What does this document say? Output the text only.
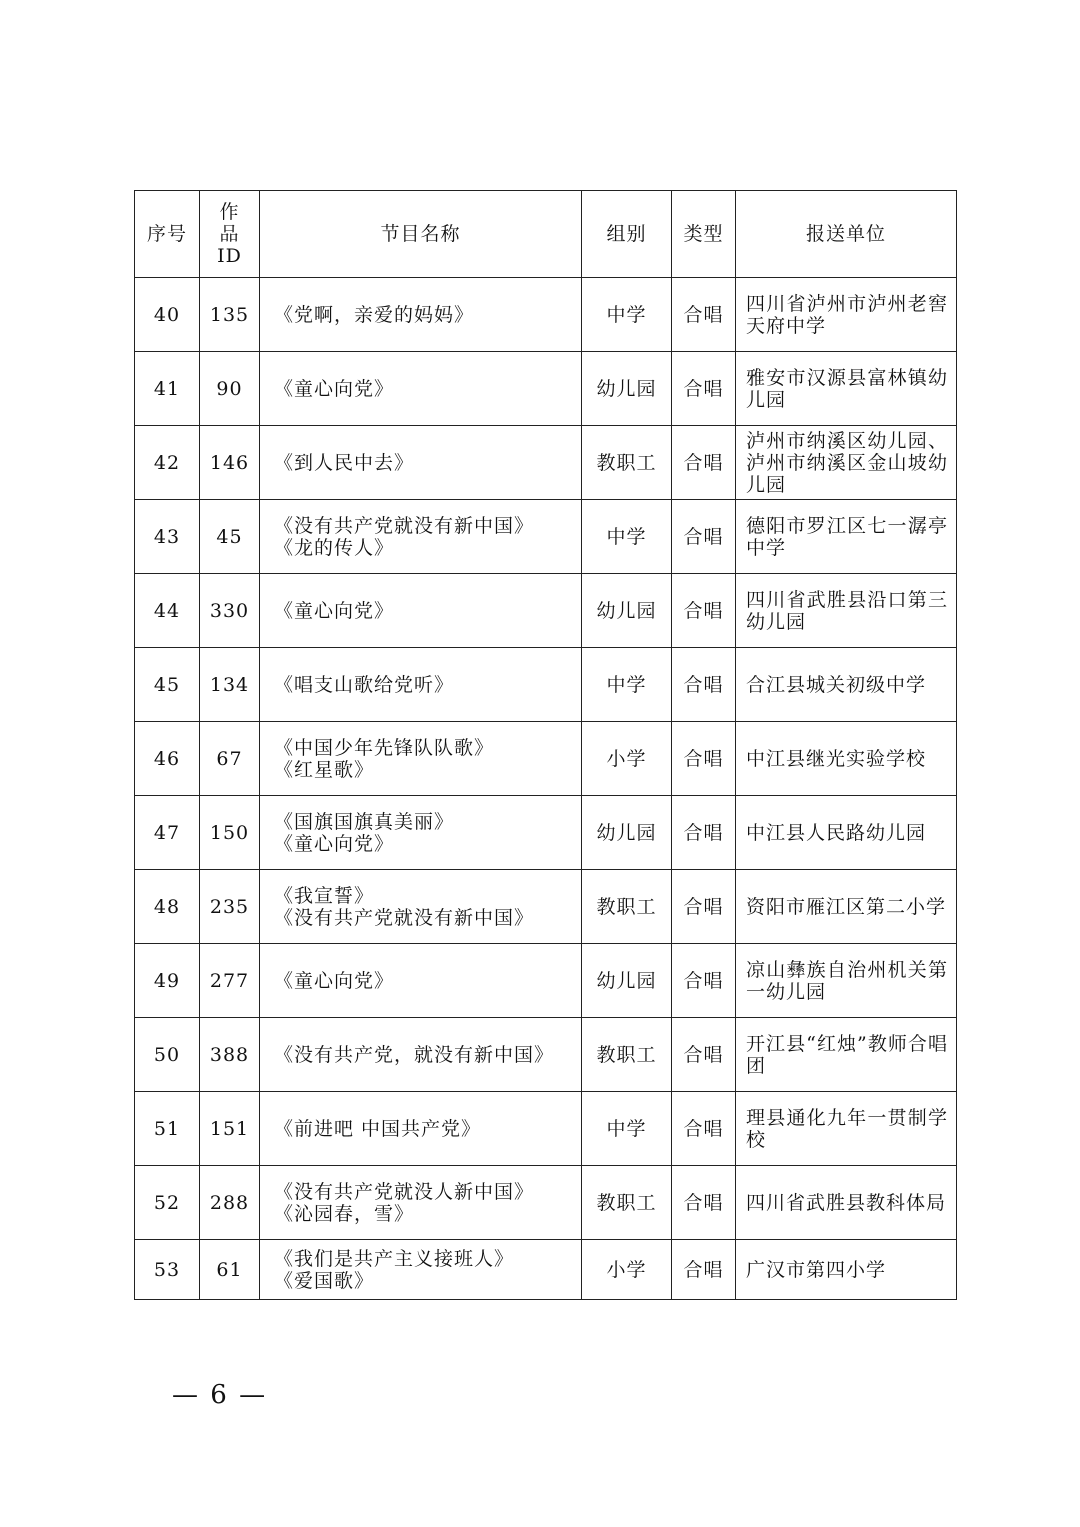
序号	作
品
ID	节目名称	组别	类型	报送单位
40	135	《党啊，亲爱的妈妈》	中学	合唱	四川省泸州市泸州老窖天府中学
41	90	《童心向党》	幼儿园	合唱	雅安市汉源县富林镇幼儿园
42	146	《到人民中去》	教职工	合唱	泸州市纳溪区幼儿园、泸州市纳溪区金山坡幼儿园
43	45	《没有共产党就没有新中国》
《龙的传人》	中学	合唱	德阳市罗江区七一潺亭中学
44	330	《童心向党》	幼儿园	合唱	四川省武胜县沿口第三幼儿园
45	134	《唱支山歌给党听》	中学	合唱	合江县城关初级中学
46	67	《中国少年先锋队队歌》
《红星歌》	小学	合唱	中江县继光实验学校
47	150	《国旗国旗真美丽》
《童心向党》	幼儿园	合唱	中江县人民路幼儿园
48	235	《我宣誓》
《没有共产党就没有新中国》	教职工	合唱	资阳市雁江区第二小学
49	277	《童心向党》	幼儿园	合唱	凉山彝族自治州机关第一幼儿园
50	388	《没有共产党，就没有新中国》	教职工	合唱	开江县“红烛”教师合唱团
51	151	《前进吧 中国共产党》	中学	合唱	理县通化九年一贯制学校
52	288	《没有共产党就没人新中国》
《沁园春，雪》	教职工	合唱	四川省武胜县教科体局
53	61	《我们是共产主义接班人》
《爱国歌》	小学	合唱	广汉市第四小学
— 6 —
